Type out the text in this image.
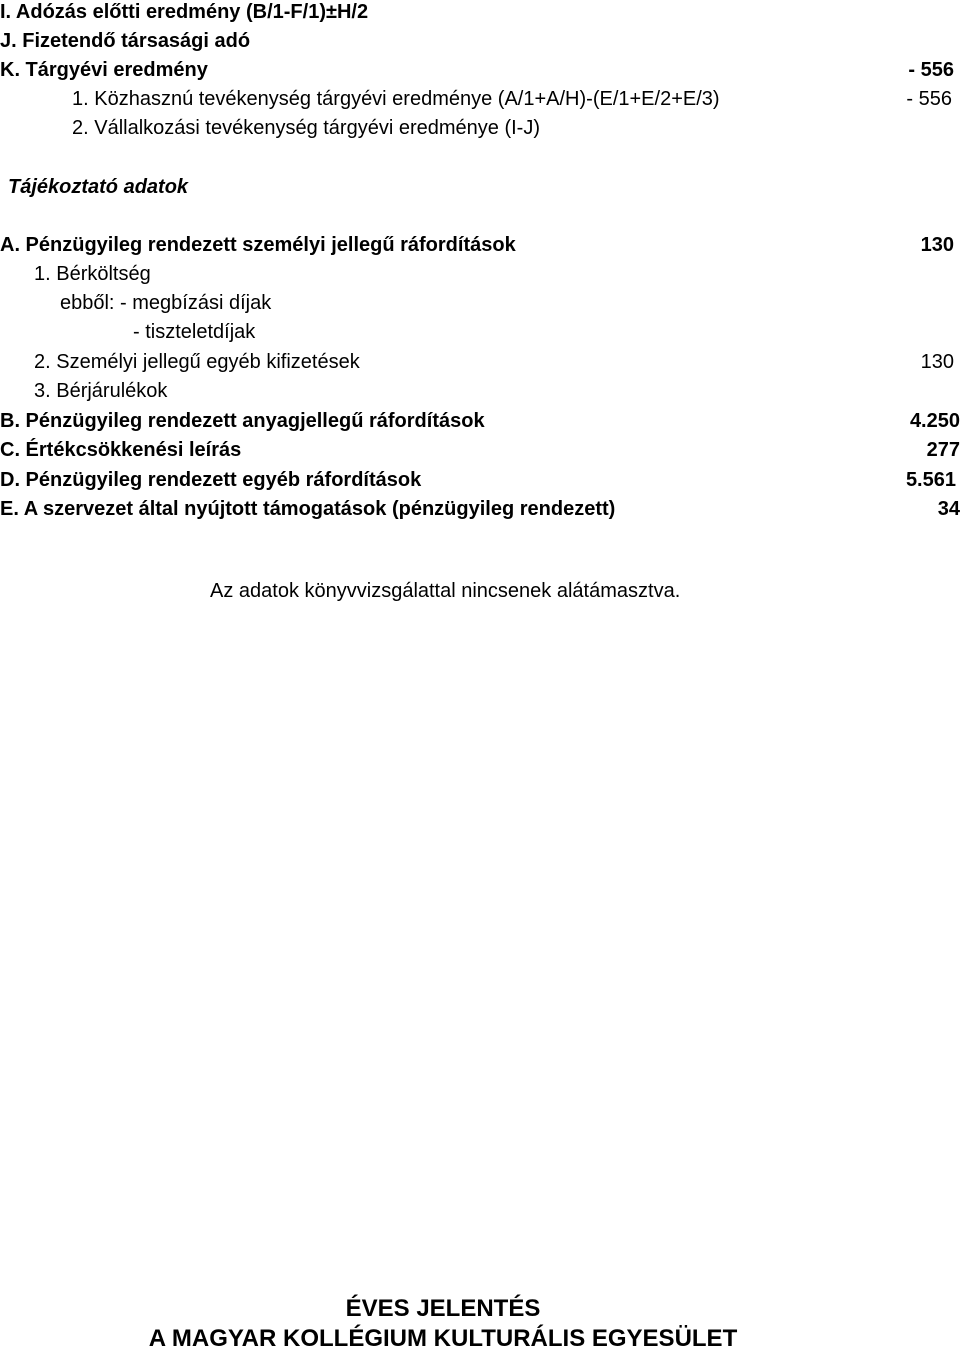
I. Adózás előtti eredmény (B/1-F/1)±H/2
J. Fizetendő társasági adó
K. Tárgyévi eredmény	- 556
1. Közhasznú tevékenység tárgyévi eredménye (A/1+A/H)-(E/1+E/2+E/3)	- 556
2. Vállalkozási tevékenység tárgyévi eredménye (I-J)
Tájékoztató adatok
A. Pénzügyileg rendezett személyi jellegű ráfordítások	130
1. Bérköltség
ebből: - megbízási díjak
- tiszteletdíjak
2. Személyi jellegű egyéb kifizetések	130
3. Bérjárulékok
B. Pénzügyileg rendezett anyagjellegű ráfordítások	4.250
C. Értékcsökkenési leírás	277
D. Pénzügyileg rendezett egyéb ráfordítások	5.561
E. A szervezet által nyújtott támogatások (pénzügyileg rendezett)	34
Az adatok könyvvizsgálattal nincsenek alátámasztva.
ÉVES JELENTÉS
A MAGYAR KOLLÉGIUM KULTURÁLIS EGYESÜLET
